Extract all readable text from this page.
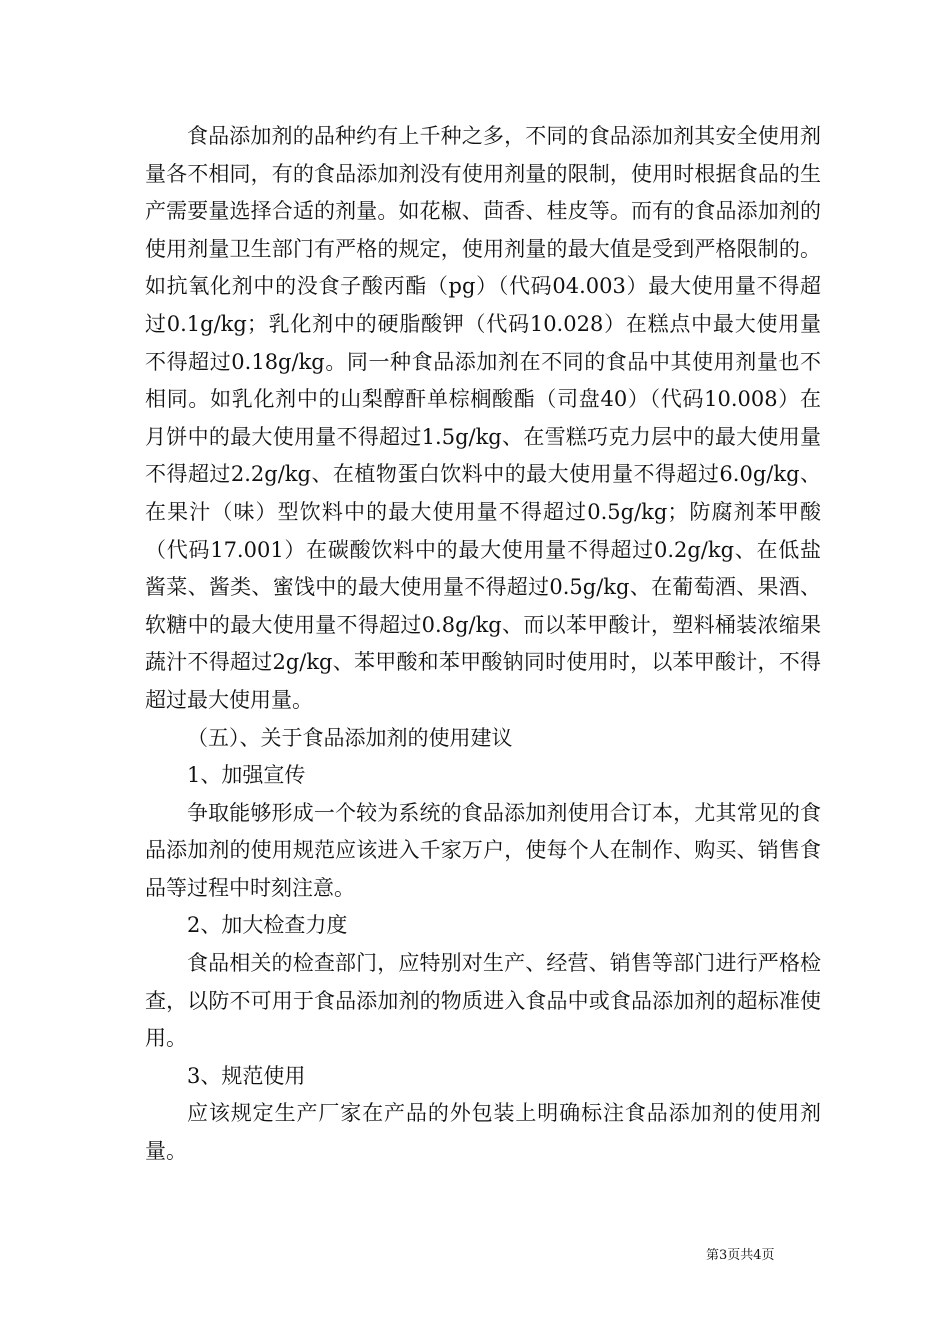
食品添加剂的品种约有上千种之多，不同的食品添加剂其安全使用剂量各不相同，有的食品添加剂没有使用剂量的限制，使用时根据食品的生产需要量选择合适的剂量。如花椒、茴香、桂皮等。而有的食品添加剂的使用剂量卫生部门有严格的规定，使用剂量的最大值是受到严格限制的。如抗氧化剂中的没食子酸丙酯（pg）（代码04.003）最大使用量不得超过0.1g/kg；乳化剂中的硬脂酸钾（代码10.028）在糕点中最大使用量不得超过0.18g/kg。同一种食品添加剂在不同的食品中其使用剂量也不相同。如乳化剂中的山梨醇酐单棕榈酸酯（司盘40）（代码10.008）在月饼中的最大使用量不得超过1.5g/kg、在雪糕巧克力层中的最大使用量不得超过2.2g/kg、在植物蛋白饮料中的最大使用量不得超过6.0g/kg、在果汁（味）型饮料中的最大使用量不得超过0.5g/kg；防腐剂苯甲酸（代码17.001）在碳酸饮料中的最大使用量不得超过0.2g/kg、在低盐酱菜、酱类、蜜饯中的最大使用量不得超过0.5g/kg、在葡萄酒、果酒、软糖中的最大使用量不得超过0.8g/kg、而以苯甲酸计，塑料桶装浓缩果蔬汁不得超过2g/kg、苯甲酸和苯甲酸钠同时使用时，以苯甲酸计，不得超过最大使用量。

（五）、关于食品添加剂的使用建议

1、加强宣传

争取能够形成一个较为系统的食品添加剂使用合订本，尤其常见的食品添加剂的使用规范应该进入千家万户，使每个人在制作、购买、销售食品等过程中时刻注意。

2、加大检查力度

食品相关的检查部门，应特别对生产、经营、销售等部门进行严格检查，以防不可用于食品添加剂的物质进入食品中或食品添加剂的超标准使用。

3、规范使用

应该规定生产厂家在产品的外包装上明确标注食品添加剂的使用剂量。

第3页共4页
